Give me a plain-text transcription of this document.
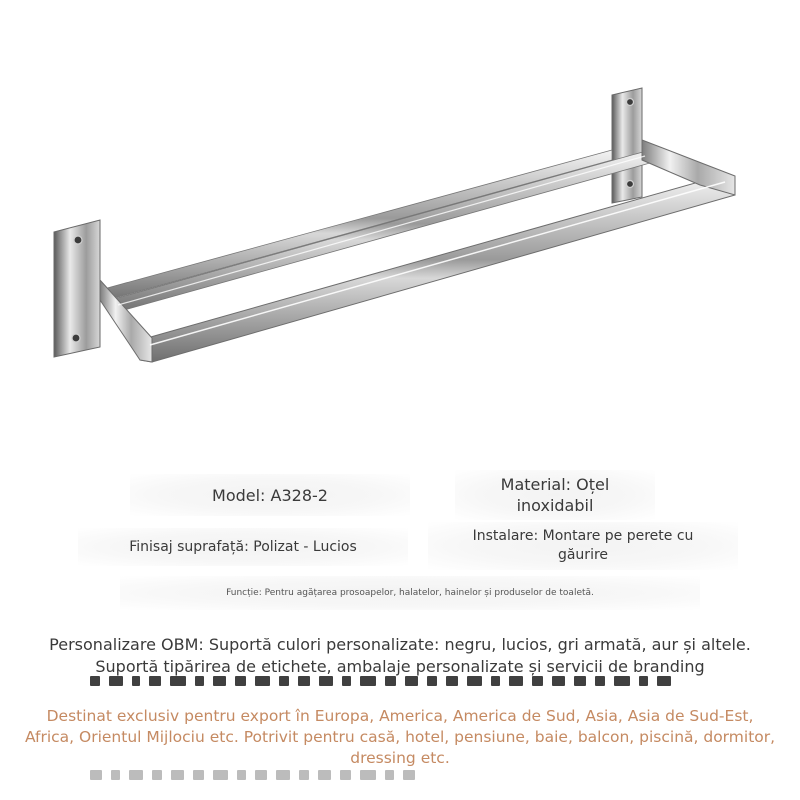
Model: A328-2
Material: Oțel inoxidabil
Finisaj suprafață: Polizat - Lucios
Instalare: Montare pe perete cu găurire
Funcție: Pentru agățarea prosoapelor, halatelor, hainelor și produselor de toaletă.
Personalizare OBM: Suportă culori personalizate: negru, lucios, gri armată, aur și altele.
Suportă tipărirea de etichete, ambalaje personalizate și servicii de branding
Destinat exclusiv pentru export în Europa, America, America de Sud, Asia, Asia de Sud-Est, Africa, Orientul Mijlociu etc. Potrivit pentru casă, hotel, pensiune, baie, balcon, piscină, dormitor, dressing etc.
